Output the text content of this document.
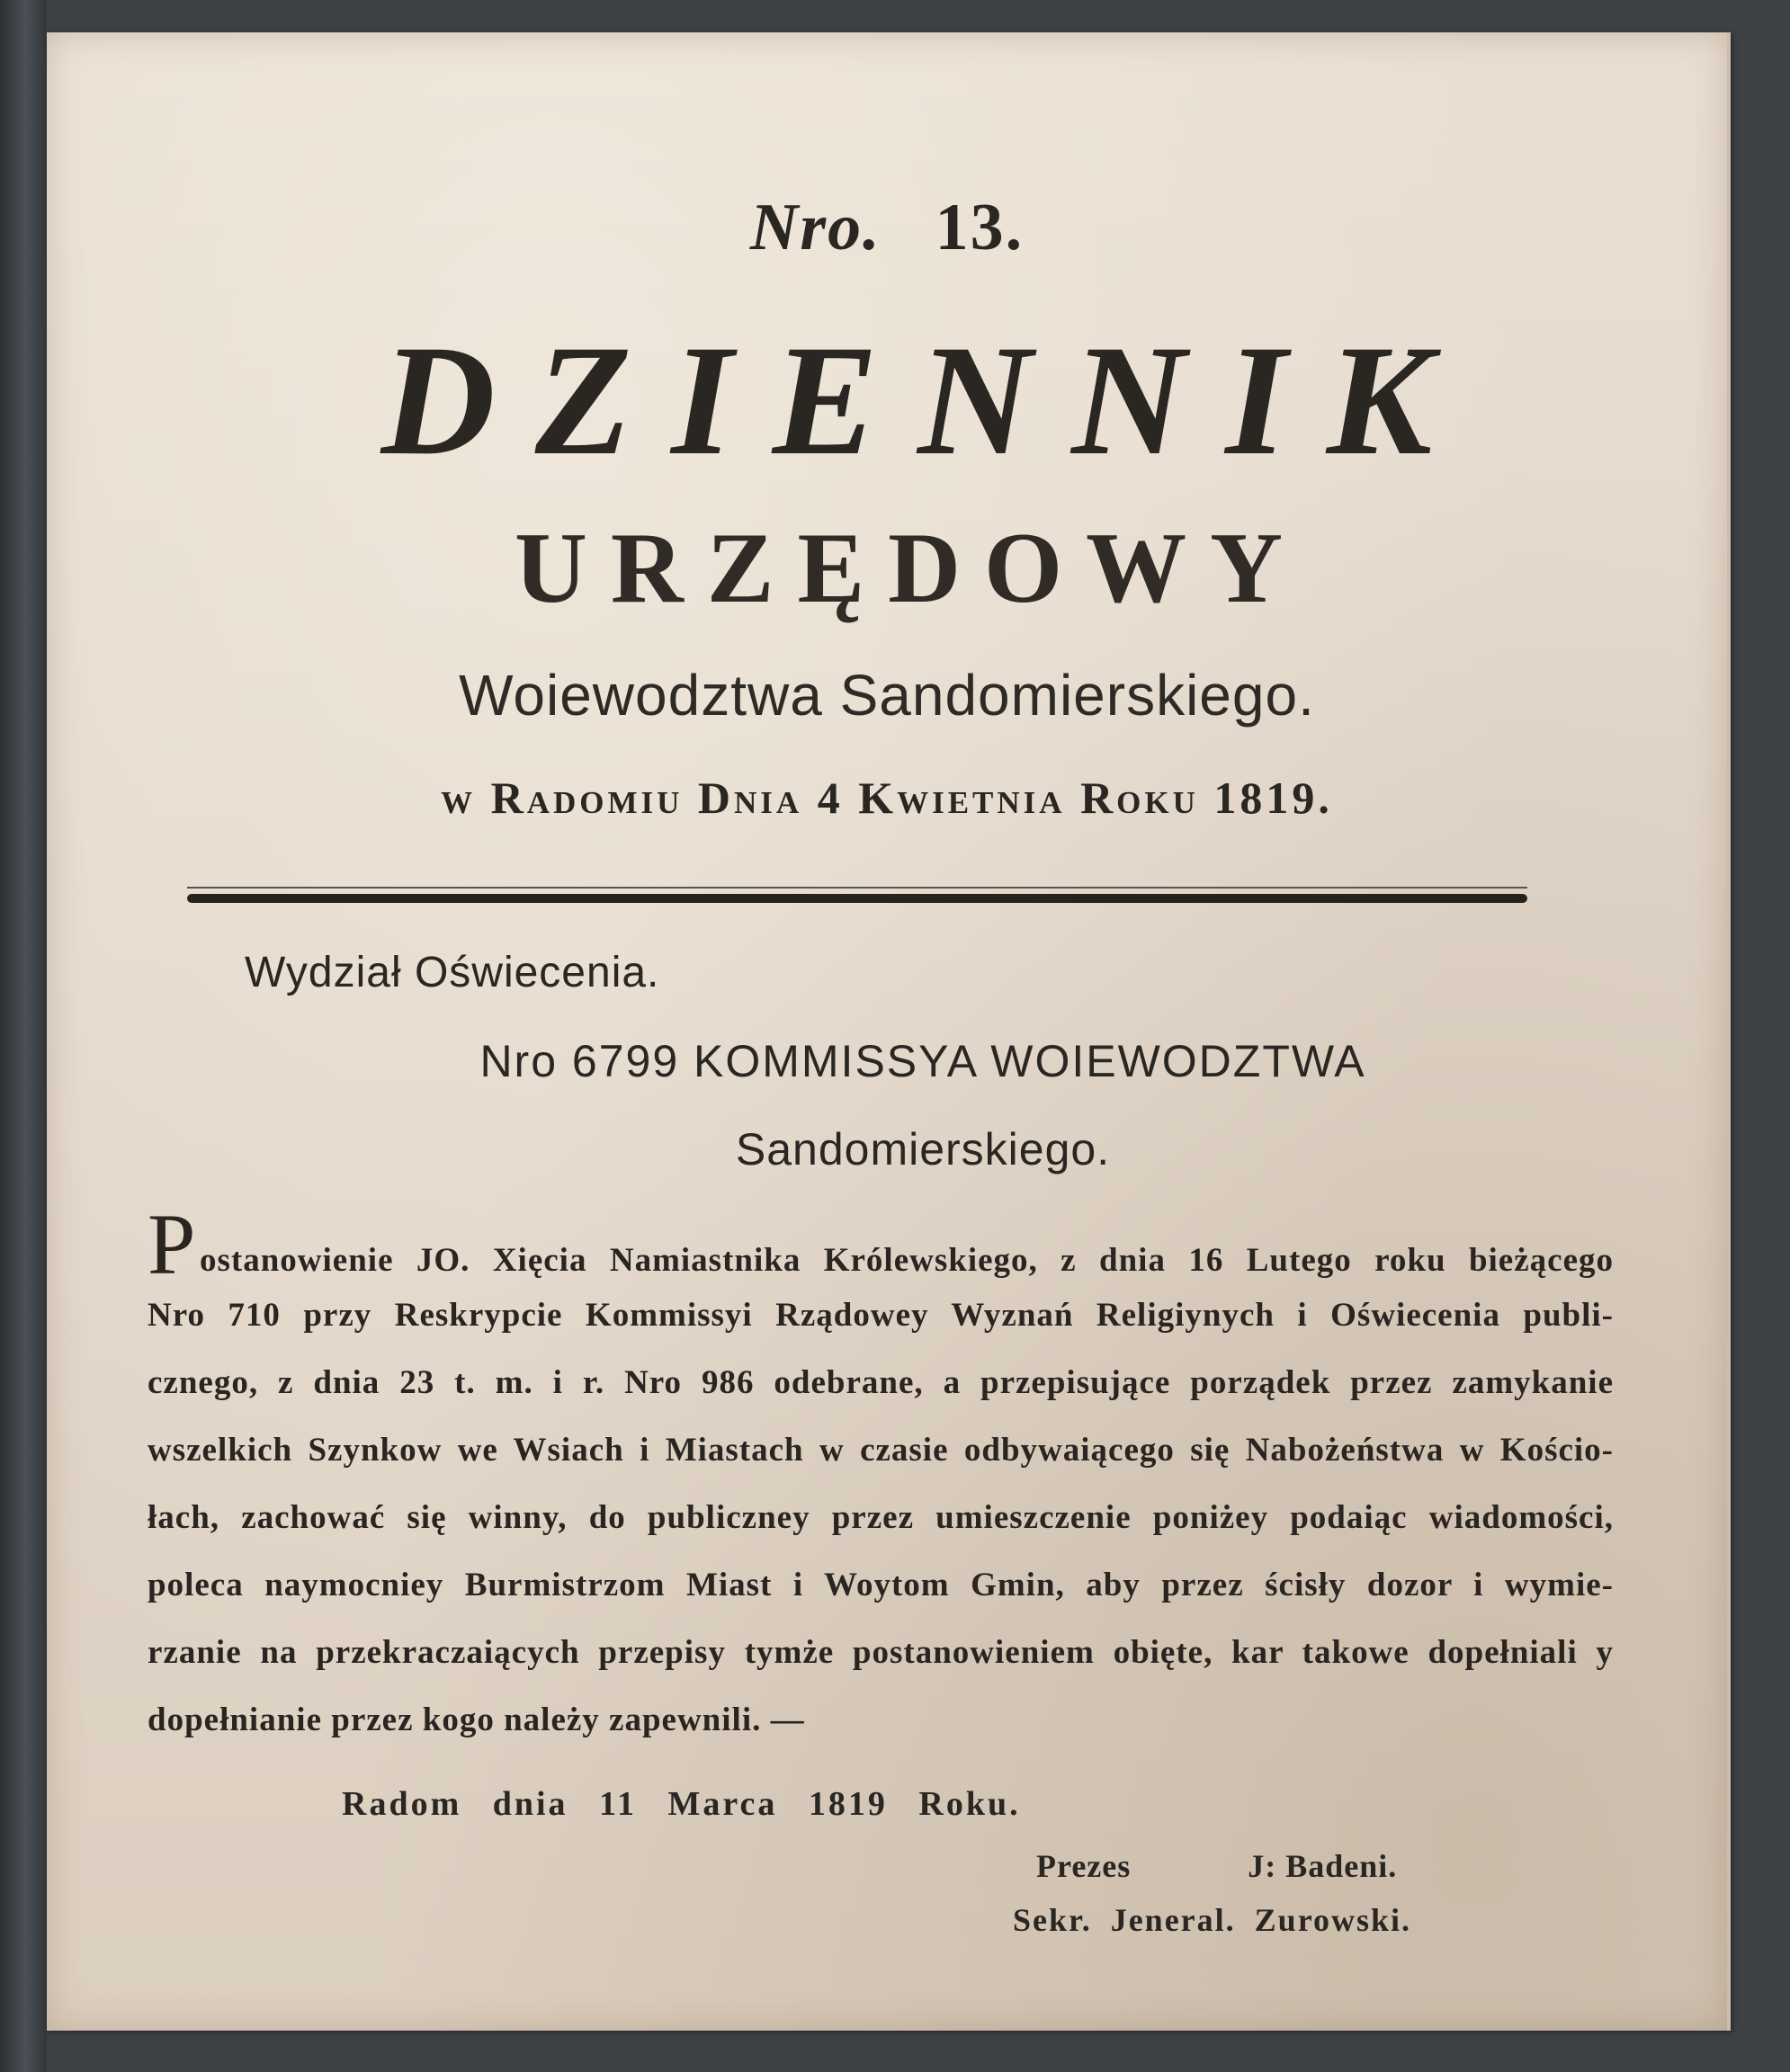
Nro. 13.
DZIENNIK
URZĘDOWY
Woiewodztwa Sandomierskiego.
w Radomiu Dnia 4 Kwietnia Roku 1819.
Wydział Oświecenia.
Nro 6799 KOMMISSYA WOIEWODZTWA
Sandomierskiego.
P ostanowienie JO. Xięcia Namiastnika Królewskiego, z dnia 16 Lutego roku bieżącego
Nro 710 przy Reskrypcie Kommissyi Rządowey Wyznań Religiynych i Oświecenia publi-
cznego, z dnia 23 t. m. i r. Nro 986 odebrane, a przepisujące porządek przez zamykanie
wszelkich Szynkow we Wsiach i Miastach w czasie odbywaiącego się Nabożeństwa w Kościo-
łach, zachować się winny, do publiczney przez umieszczenie poniżey podaiąc wiadomości,
poleca naymocniey Burmistrzom Miast i Woytom Gmin, aby przez ścisły dozor i wymie-
rzanie na przekraczaiących przepisy tymże postanowieniem obięte, kar takowe dopełniali y
dopełnianie przez kogo należy zapewnili. —
Radom dnia 11 Marca 1819 Roku.
Prezes	J: Badeni.
Sekr. Jeneral. Zurowski.
